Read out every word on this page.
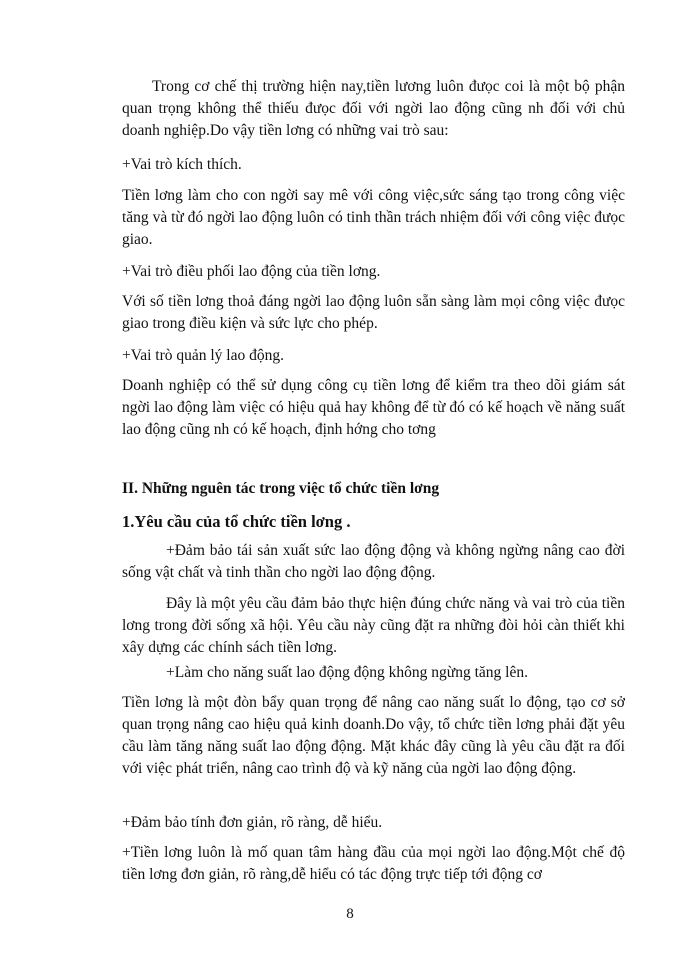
Trong cơ chế thị trường hiện nay,tiền lương luôn đưọc coi là một bộ phận quan trọng không thể thiếu đưọc đối với ngời lao động cũng nh đối với chủ doanh nghiệp.Do vậy tiền lơng có những vai trò sau:

+Vai trò kích thích.

Tiền lơng làm cho con ngời say mê với công việc,sức sáng tạo trong công việc tăng và từ đó ngời lao động luôn có tinh thần trách nhiệm đối với công việc đưọc giao.

+Vai trò điều phối lao động của tiền lơng.

Với số tiền lơng thoả đáng ngời lao động luôn sẵn sàng làm mọi công việc đưọc giao trong điều kiện và sức lực cho phép.

+Vai trò quản lý lao động.

Doanh nghiệp có thể sử dụng công cụ tiền lơng để kiểm tra theo dõi giám sát ngời lao động làm việc có hiệu quả hay không để từ đó có kế hoạch về năng suất lao động cũng nh có kế hoạch, định hớng cho tơng

II. Những nguên tác trong việc tổ chức tiền lơng
1.Yêu cầu của tổ chức tiền lơng .

+Đảm bảo tái sản xuất sức lao động động và không ngừng nâng cao đời sống vật chất và tinh thần cho ngời lao động động.

Đây là một yêu cầu đảm bảo thực hiện đúng chức năng và vai trò của tiền lơng trong đời sống xã hội. Yêu cầu này cũng đặt ra những đòi hỏi càn thiết khi xây dựng các chính sách tiền lơng.

+Làm cho năng suất lao động động không ngừng tăng lên.

Tiền lơng là một đòn bẩy quan trọng để nâng cao năng suất lo động, tạo cơ sở quan trọng nâng cao hiệu quả kinh doanh.Do vậy, tổ chức tiền lơng phải đặt yêu cầu làm tăng năng suất lao động động. Mặt khác đây cũng là yêu cầu đặt ra đối với việc phát triển, nâng cao trình độ và kỹ năng của ngời lao động động.

+Đảm bảo tính đơn giản, rõ ràng, dễ hiểu.

+Tiền lơng luôn là mố quan tâm hàng đầu của mọi ngời lao động.Một chế độ tiền lơng đơn giản, rõ ràng,dễ hiểu có tác động trực tiếp tới động cơ

8
